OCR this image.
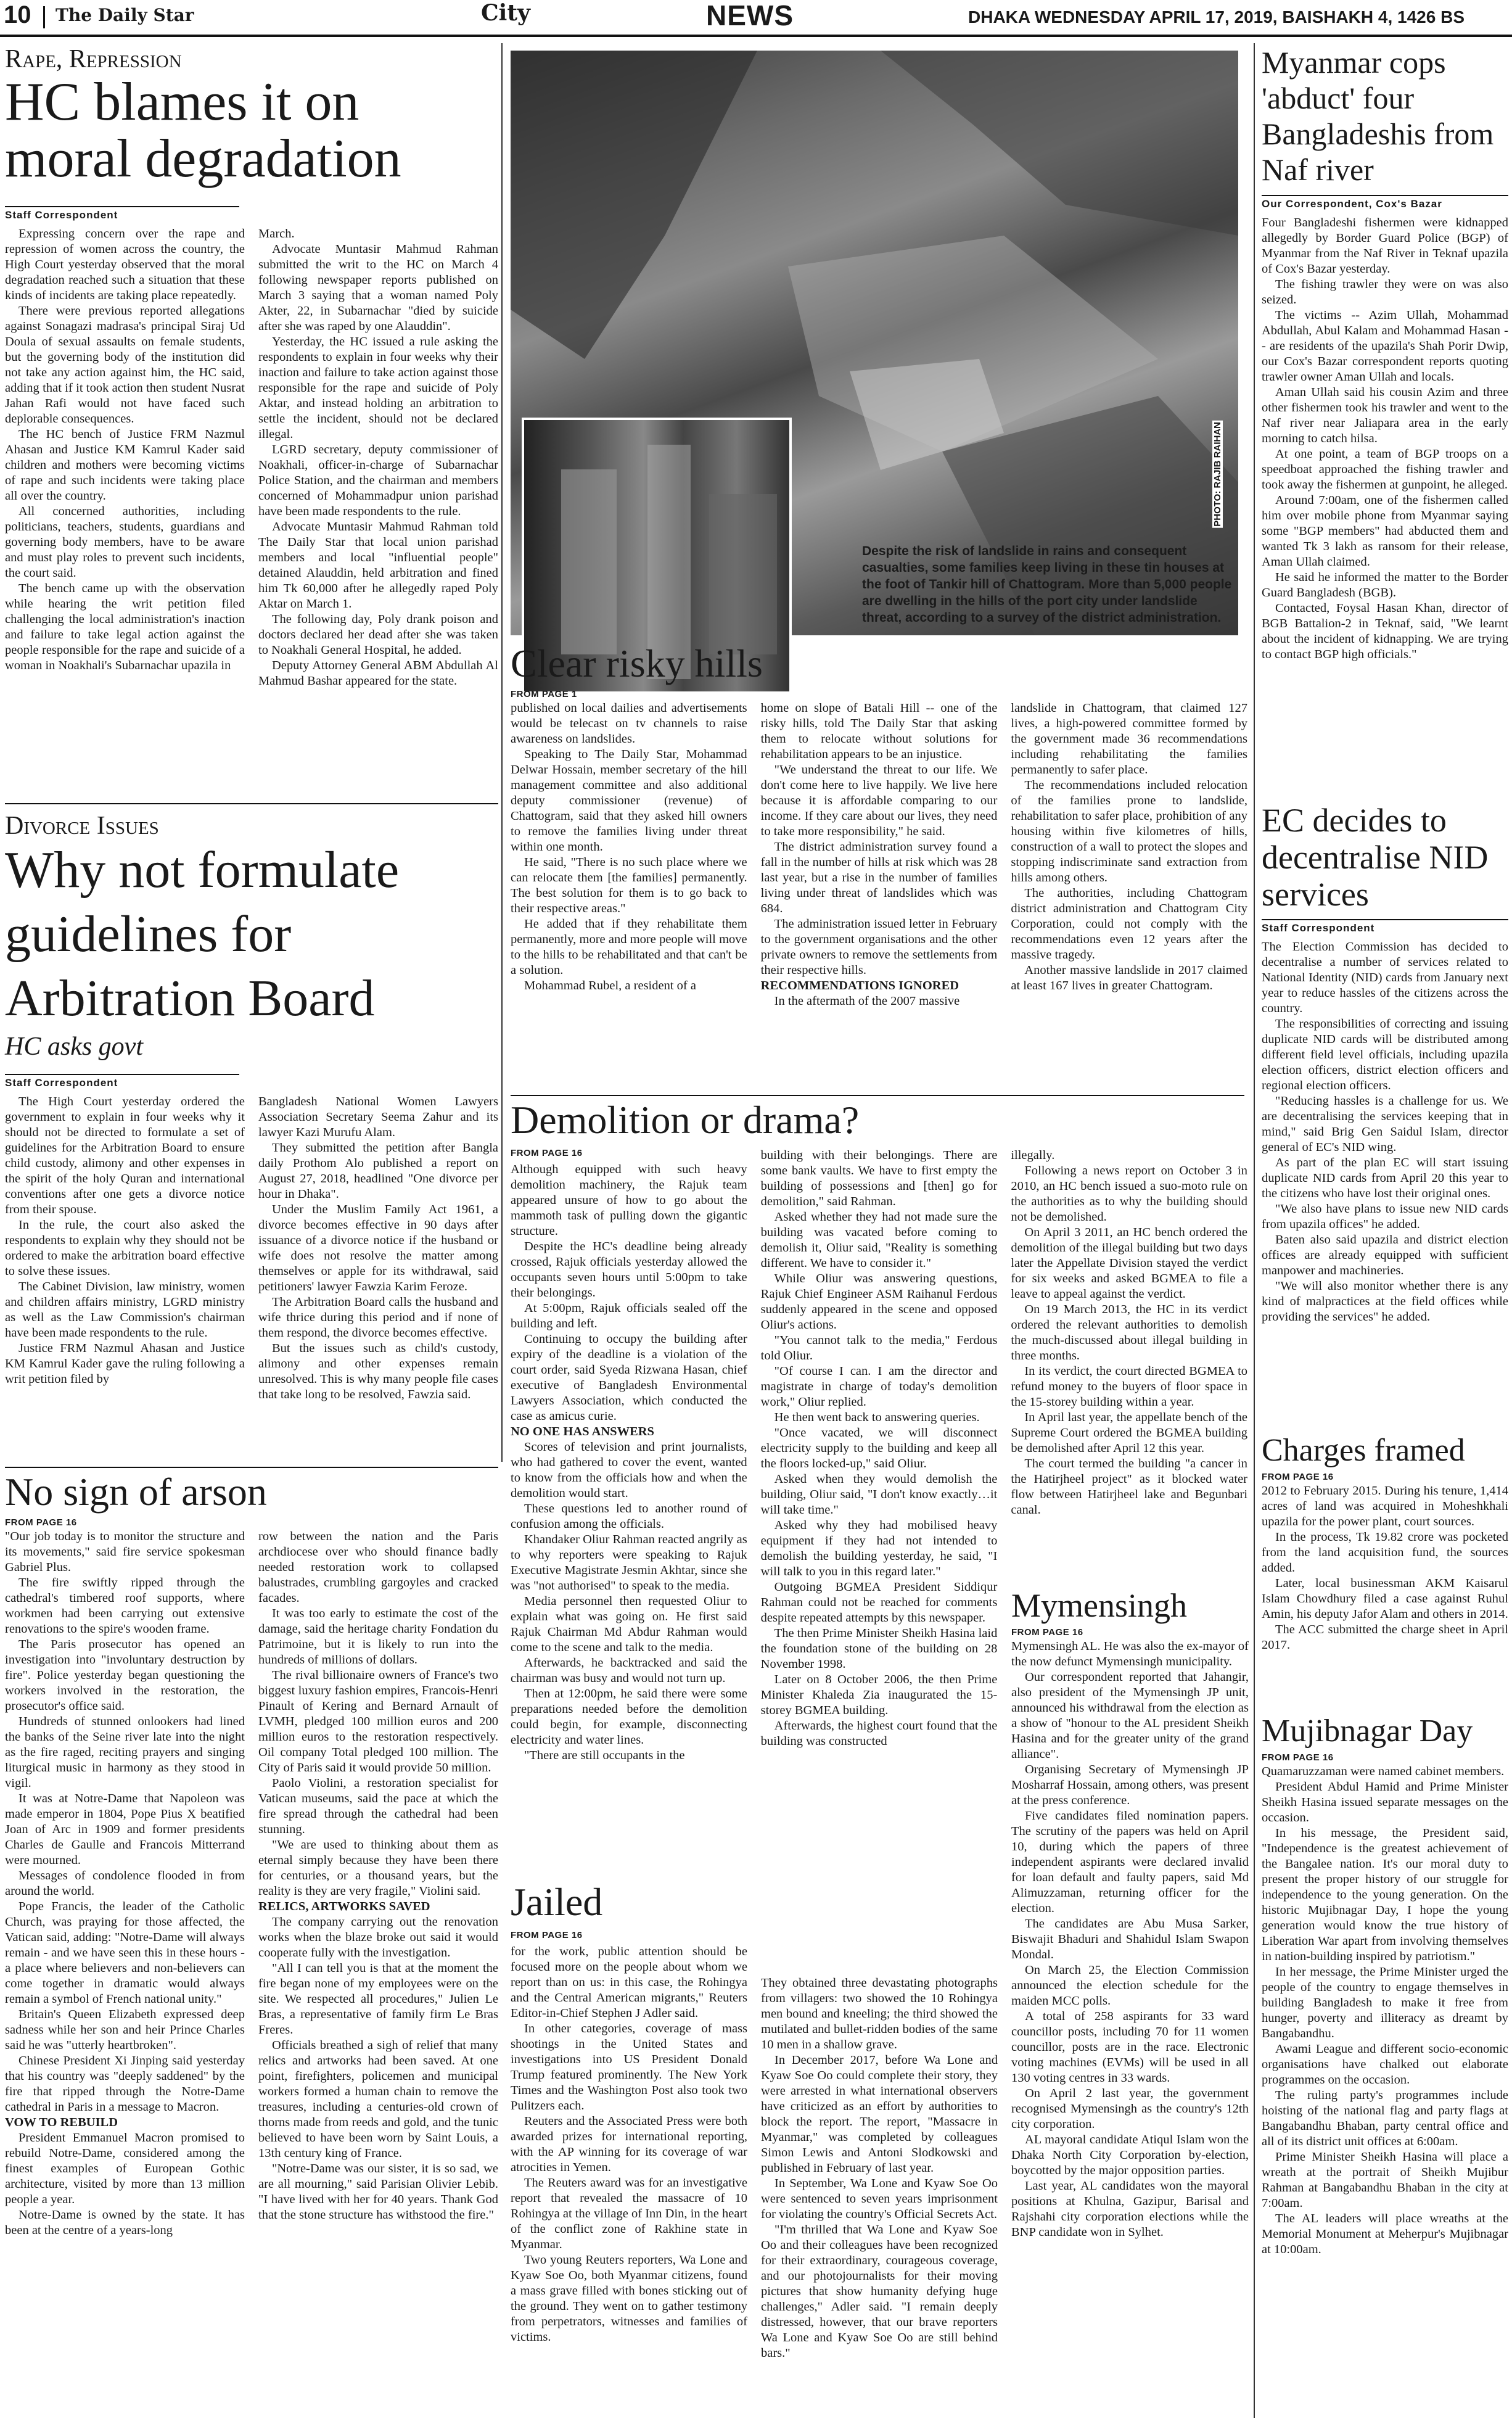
10 The Daily Star	City	NEWS	DHAKA WEDNESDAY APRIL 17, 2019, BAISHAKH 4, 1426 BS
Rape, Repression
HC blames it on moral degradation
Staff Correspondent

Expressing concern over the rape and repression of women across the country, the High Court yesterday observed that the moral degradation reached such a situation that these kinds of incidents are taking place repeatedly.

There were previous reported allegations against Sonagazi madrasa's principal Siraj Ud Doula of sexual assaults on female students, but the governing body of the institution did not take any action against him, the HC said, adding that if it took action then student Nusrat Jahan Rafi would not have faced such deplorable consequences.

The HC bench of Justice FRM Nazmul Ahasan and Justice KM Kamrul Kader said children and mothers were becoming victims of rape and such incidents were taking place all over the country.

All concerned authorities, including politicians, teachers, students, guardians and governing body members, have to be aware and must play roles to prevent such incidents, the court said.

The bench came up with the observation while hearing the writ petition filed challenging the local administration's inaction and failure to take legal action against the people responsible for the rape and suicide of a woman in Noakhali's Subarnachar upazila in

March.

Advocate Muntasir Mahmud Rahman submitted the writ to the HC on March 4 following newspaper reports published on March 3 saying that a woman named Poly Akter, 22, in Subarnachar "died by suicide after she was raped by one Alauddin".

Yesterday, the HC issued a rule asking the respondents to explain in four weeks why their inaction and failure to take action against those responsible for the rape and suicide of Poly Aktar, and instead holding an arbitration to settle the incident, should not be declared illegal.

LGRD secretary, deputy commissioner of Noakhali, officer-in-charge of Subarnachar Police Station, and the chairman and members concerned of Mohammadpur union parishad have been made respondents to the rule.

Advocate Muntasir Mahmud Rahman told The Daily Star that local union parishad members and local "influential people" detained Alauddin, held arbitration and fined him Tk 60,000 after he allegedly raped Poly Aktar on March 1.

The following day, Poly drank poison and doctors declared her dead after she was taken to Noakhali General Hospital, he added.

Deputy Attorney General ABM Abdullah Al Mahmud Bashar appeared for the state.

Divorce Issues
Why not formulate guidelines for Arbitration Board
HC asks govt
Staff Correspondent

The High Court yesterday ordered the government to explain in four weeks why it should not be directed to formulate a set of guidelines for the Arbitration Board to ensure child custody, alimony and other expenses in the spirit of the holy Quran and international conventions after one gets a divorce notice from their spouse.

In the rule, the court also asked the respondents to explain why they should not be ordered to make the arbitration board effective to solve these issues.

The Cabinet Division, law ministry, women and children affairs ministry, LGRD ministry as well as the Law Commission's chairman have been made respondents to the rule.

Justice FRM Nazmul Ahasan and Justice KM Kamrul Kader gave the ruling following a writ petition filed by

Bangladesh National Women Lawyers Association Secretary Seema Zahur and its lawyer Kazi Murufu Alam.

They submitted the petition after Bangla daily Prothom Alo published a report on August 27, 2018, headlined "One divorce per hour in Dhaka".

Under the Muslim Family Act 1961, a divorce becomes effective in 90 days after issuance of a divorce notice if the husband or wife does not resolve the matter among themselves or apple for its withdrawal, said petitioners' lawyer Fawzia Karim Feroze.

The Arbitration Board calls the husband and wife thrice during this period and if none of them respond, the divorce becomes effective.

But the issues such as child's custody, alimony and other expenses remain unresolved. This is why many people file cases that take long to be resolved, Fawzia said.

No sign of arson
FROM PAGE 16

"Our job today is to monitor the structure and its movements," said fire service spokesman Gabriel Plus.

The fire swiftly ripped through the cathedral's timbered roof supports, where workmen had been carrying out extensive renovations to the spire's wooden frame.

The Paris prosecutor has opened an investigation into "involuntary destruction by fire". Police yesterday began questioning the workers involved in the restoration, the prosecutor's office said.

Hundreds of stunned onlookers had lined the banks of the Seine river late into the night as the fire raged, reciting prayers and singing liturgical music in harmony as they stood in vigil.

It was at Notre-Dame that Napoleon was made emperor in 1804, Pope Pius X beatified Joan of Arc in 1909 and former presidents Charles de Gaulle and Francois Mitterrand were mourned.

Messages of condolence flooded in from around the world.

Pope Francis, the leader of the Catholic Church, was praying for those affected, the Vatican said, adding: "Notre-Dame will always remain - and we have seen this in these hours - a place where believers and non-believers can come together in dramatic would always remain a symbol of French national unity."

Britain's Queen Elizabeth expressed deep sadness while her son and heir Prince Charles said he was "utterly heartbroken".

Chinese President Xi Jinping said yesterday that his country was "deeply saddened" by the fire that ripped through the Notre-Dame cathedral in Paris in a message to Macron.

VOW TO REBUILD

President Emmanuel Macron promised to rebuild Notre-Dame, considered among the finest examples of European Gothic architecture, visited by more than 13 million people a year.

Notre-Dame is owned by the state. It has been at the centre of a years-long

row between the nation and the Paris archdiocese over who should finance badly needed restoration work to collapsed balustrades, crumbling gargoyles and cracked facades.

It was too early to estimate the cost of the damage, said the heritage charity Fondation du Patrimoine, but it is likely to run into the hundreds of millions of dollars.

The rival billionaire owners of France's two biggest luxury fashion empires, Francois-Henri Pinault of Kering and Bernard Arnault of LVMH, pledged 100 million euros and 200 million euros to the restoration respectively. Oil company Total pledged 100 million. The City of Paris said it would provide 50 million.

Paolo Violini, a restoration specialist for Vatican museums, said the pace at which the fire spread through the cathedral had been stunning.

"We are used to thinking about them as eternal simply because they have been there for centuries, or a thousand years, but the reality is they are very fragile," Violini said.

RELICS, ARTWORKS SAVED

The company carrying out the renovation works when the blaze broke out said it would cooperate fully with the investigation.

"All I can tell you is that at the moment the fire began none of my employees were on the site. We respected all procedures," Julien Le Bras, a representative of family firm Le Bras Freres.

Officials breathed a sigh of relief that many relics and artworks had been saved. At one point, firefighters, policemen and municipal workers formed a human chain to remove the treasures, including a centuries-old crown of thorns made from reeds and gold, and the tunic believed to have been worn by Saint Louis, a 13th century king of France.

"Notre-Dame was our sister, it is so sad, we are all mourning," said Parisian Olivier Lebib. "I have lived with her for 40 years. Thank God that the stone structure has withstood the fire."

PHOTO: RAJIB RAIHAN
Despite the risk of landslide in rains and consequent casualties, some families keep living in these tin houses at the foot of Tankir hill of Chattogram. More than 5,000 people are dwelling in the hills of the port city under landslide threat, according to a survey of the district administration.
Clear risky hills
FROM PAGE 1

published on local dailies and advertisements would be telecast on tv channels to raise awareness on landslides.

Speaking to The Daily Star, Mohammad Delwar Hossain, member secretary of the hill management committee and also additional deputy commissioner (revenue) of Chattogram, said that they asked hill owners to remove the families living under threat within one month.

He said, "There is no such place where we can relocate them [the families] permanently. The best solution for them is to go back to their respective areas."

He added that if they rehabilitate them permanently, more and more people will move to the hills to be rehabilitated and that can't be a solution.

Mohammad Rubel, a resident of a

home on slope of Batali Hill -- one of the risky hills, told The Daily Star that asking them to relocate without solutions for rehabilitation appears to be an injustice.

"We understand the threat to our life. We don't come here to live happily. We live here because it is affordable comparing to our income. If they care about our lives, they need to take more responsibility," he said.

The district administration survey found a fall in the number of hills at risk which was 28 last year, but a rise in the number of families living under threat of landslides which was 684.

The administration issued letter in February to the government organisations and the other private owners to remove the settlements from their respective hills.

RECOMMENDATIONS IGNORED

In the aftermath of the 2007 massive

landslide in Chattogram, that claimed 127 lives, a high-powered committee formed by the government made 36 recommendations including rehabilitating the families permanently to safer place.

The recommendations included relocation of the families prone to landslide, rehabilitation to safer place, prohibition of any housing within five kilometres of hills, construction of a wall to protect the slopes and stopping indiscriminate sand extraction from hills among others.

The authorities, including Chattogram district administration and Chattogram City Corporation, could not comply with the recommendations even 12 years after the massive tragedy.

Another massive landslide in 2017 claimed at least 167 lives in greater Chattogram.

Demolition or drama?
FROM PAGE 16

Although equipped with such heavy demolition machinery, the Rajuk team appeared unsure of how to go about the mammoth task of pulling down the gigantic structure.

Despite the HC's deadline being already crossed, Rajuk officials yesterday allowed the occupants seven hours until 5:00pm to take their belongings.

At 5:00pm, Rajuk officials sealed off the building and left.

Continuing to occupy the building after expiry of the deadline is a violation of the court order, said Syeda Rizwana Hasan, chief executive of Bangladesh Environmental Lawyers Association, which conducted the case as amicus curie.

NO ONE HAS ANSWERS

Scores of television and print journalists, who had gathered to cover the event, wanted to know from the officials how and when the demolition would start.

These questions led to another round of confusion among the officials.

Khandaker Oliur Rahman reacted angrily as to why reporters were speaking to Rajuk Executive Magistrate Jesmin Akhtar, since she was "not authorised" to speak to the media.

Media personnel then requested Oliur to explain what was going on. He first said Rajuk Chairman Md Abdur Rahman would come to the scene and talk to the media.

Afterwards, he backtracked and said the chairman was busy and would not turn up.

Then at 12:00pm, he said there were some preparations needed before the demolition could begin, for example, disconnecting electricity and water lines.

"There are still occupants in the

building with their belongings. There are some bank vaults. We have to first empty the building of possessions and [then] go for demolition," said Rahman.

Asked whether they had not made sure the building was vacated before coming to demolish it, Oliur said, "Reality is something different. We have to consider it."

While Oliur was answering questions, Rajuk Chief Engineer ASM Raihanul Ferdous suddenly appeared in the scene and opposed Oliur's actions.

"You cannot talk to the media," Ferdous told Oliur.

"Of course I can. I am the director and magistrate in charge of today's demolition work," Oliur replied.

He then went back to answering queries.

"Once vacated, we will disconnect electricity supply to the building and keep all the floors locked-up," said Oliur.

Asked when they would demolish the building, Oliur said, "I don't know exactly…it will take time."

Asked why they had mobilised heavy equipment if they had not intended to demolish the building yesterday, he said, "I will talk to you in this regard later."

Outgoing BGMEA President Siddiqur Rahman could not be reached for comments despite repeated attempts by this newspaper.

The then Prime Minister Sheikh Hasina laid the foundation stone of the building on 28 November 1998.

Later on 8 October 2006, the then Prime Minister Khaleda Zia inaugurated the 15-storey BGMEA building.

Afterwards, the highest court found that the building was constructed

illegally.

Following a news report on October 3 in 2010, an HC bench issued a suo-moto rule on the authorities as to why the building should not be demolished.

On April 3 2011, an HC bench ordered the demolition of the illegal building but two days later the Appellate Division stayed the verdict for six weeks and asked BGMEA to file a leave to appeal against the verdict.

On 19 March 2013, the HC in its verdict ordered the relevant authorities to demolish the much-discussed about illegal building in three months.

In its verdict, the court directed BGMEA to refund money to the buyers of floor space in the 15-storey building within a year.

In April last year, the appellate bench of the Supreme Court ordered the BGMEA building be demolished after April 12 this year.

The court termed the building "a cancer in the Hatirjheel project" as it blocked water flow between Hatirjheel lake and Begunbari canal.

Jailed
FROM PAGE 16

for the work, public attention should be focused more on the people about whom we report than on us: in this case, the Rohingya and the Central American migrants," Reuters Editor-in-Chief Stephen J Adler said.

In other categories, coverage of mass shootings in the United States and investigations into US President Donald Trump featured prominently. The New York Times and the Washington Post also took two Pulitzers each.

Reuters and the Associated Press were both awarded prizes for international reporting, with the AP winning for its coverage of war atrocities in Yemen.

The Reuters award was for an investigative report that revealed the massacre of 10 Rohingya at the village of Inn Din, in the heart of the conflict zone of Rakhine state in Myanmar.

Two young Reuters reporters, Wa Lone and Kyaw Soe Oo, both Myanmar citizens, found a mass grave filled with bones sticking out of the ground. They went on to gather testimony from perpetrators, witnesses and families of victims.

They obtained three devastating photographs from villagers: two showed the 10 Rohingya men bound and kneeling; the third showed the mutilated and bullet-ridden bodies of the same 10 men in a shallow grave.

In December 2017, before Wa Lone and Kyaw Soe Oo could complete their story, they were arrested in what international observers have criticized as an effort by authorities to block the report. The report, "Massacre in Myanmar," was completed by colleagues Simon Lewis and Antoni Slodkowski and published in February of last year.

In September, Wa Lone and Kyaw Soe Oo were sentenced to seven years imprisonment for violating the country's Official Secrets Act.

"I'm thrilled that Wa Lone and Kyaw Soe Oo and their colleagues have been recognized for their extraordinary, courageous coverage, and our photojournalists for their moving pictures that show humanity defying huge challenges," Adler said. "I remain deeply distressed, however, that our brave reporters Wa Lone and Kyaw Soe Oo are still behind bars."

Mymensingh
FROM PAGE 16

Mymensingh AL. He was also the ex-mayor of the now defunct Mymensingh municipality.

Our correspondent reported that Jahangir, also president of the Mymensingh JP unit, announced his withdrawal from the election as a show of "honour to the AL president Sheikh Hasina and for the greater unity of the grand alliance".

Organising Secretary of Mymensingh JP Mosharraf Hossain, among others, was present at the press conference.

Five candidates filed nomination papers. The scrutiny of the papers was held on April 10, during which the papers of three independent aspirants were declared invalid for loan default and faulty papers, said Md Alimuzzaman, returning officer for the election.

The candidates are Abu Musa Sarker, Biswajit Bhaduri and Shahidul Islam Swapon Mondal.

On March 25, the Election Commission announced the election schedule for the maiden MCC polls.

A total of 258 aspirants for 33 ward councillor posts, including 70 for 11 women councillor, posts are in the race. Electronic voting machines (EVMs) will be used in all 130 voting centres in 33 wards.

On April 2 last year, the government recognised Mymensingh as the country's 12th city corporation.

AL mayoral candidate Atiqul Islam won the Dhaka North City Corporation by-election, boycotted by the major opposition parties.

Last year, AL candidates won the mayoral positions at Khulna, Gazipur, Barisal and Rajshahi city corporation elections while the BNP candidate won in Sylhet.

Myanmar cops 'abduct' four Bangladeshis from Naf river
Our Correspondent, Cox's Bazar

Four Bangladeshi fishermen were kidnapped allegedly by Border Guard Police (BGP) of Myanmar from the Naf River in Teknaf upazila of Cox's Bazar yesterday.

The fishing trawler they were on was also seized.

The victims -- Azim Ullah, Mohammad Abdullah, Abul Kalam and Mohammad Hasan -- are residents of the upazila's Shah Porir Dwip, our Cox's Bazar correspondent reports quoting trawler owner Aman Ullah and locals.

Aman Ullah said his cousin Azim and three other fishermen took his trawler and went to the Naf river near Jaliapara area in the early morning to catch hilsa.

At one point, a team of BGP troops on a speedboat approached the fishing trawler and took away the fishermen at gunpoint, he alleged.

Around 7:00am, one of the fishermen called him over mobile phone from Myanmar saying some "BGP members" had abducted them and wanted Tk 3 lakh as ransom for their release, Aman Ullah claimed.

He said he informed the matter to the Border Guard Bangladesh (BGB).

Contacted, Foysal Hasan Khan, director of BGB Battalion-2 in Teknaf, said, "We learnt about the incident of kidnapping. We are trying to contact BGP high officials."

EC decides to decentralise NID services
Staff Correspondent

The Election Commission has decided to decentralise a number of services related to National Identity (NID) cards from January next year to reduce hassles of the citizens across the country.

The responsibilities of correcting and issuing duplicate NID cards will be distributed among different field level officials, including upazila election officers, district election officers and regional election officers.

"Reducing hassles is a challenge for us. We are decentralising the services keeping that in mind," said Brig Gen Saidul Islam, director general of EC's NID wing.

As part of the plan EC will start issuing duplicate NID cards from April 20 this year to the citizens who have lost their original ones.

"We also have plans to issue new NID cards from upazila offices" he added.

Baten also said upazila and district election offices are already equipped with sufficient manpower and machineries.

"We will also monitor whether there is any kind of malpractices at the field offices while providing the services" he added.

Charges framed
FROM PAGE 16

2012 to February 2015. During his tenure, 1,414 acres of land was acquired in Moheshkhali upazila for the power plant, court sources.

In the process, Tk 19.82 crore was pocketed from the land acquisition fund, the sources added.

Later, local businessman AKM Kaisarul Islam Chowdhury filed a case against Ruhul Amin, his deputy Jafor Alam and others in 2014.

The ACC submitted the charge sheet in April 2017.

Mujibnagar Day
FROM PAGE 16

Quamaruzzaman were named cabinet members.

President Abdul Hamid and Prime Minister Sheikh Hasina issued separate messages on the occasion.

In his message, the President said, "Independence is the greatest achievement of the Bangalee nation. It's our moral duty to present the proper history of our struggle for independence to the young generation. On the historic Mujibnagar Day, I hope the young generation would know the true history of Liberation War apart from involving themselves in nation-building inspired by patriotism."

In her message, the Prime Minister urged the people of the country to engage themselves in building Bangladesh to make it free from hunger, poverty and illiteracy as dreamt by Bangabandhu.

Awami League and different socio-economic organisations have chalked out elaborate programmes on the occasion.

The ruling party's programmes include hoisting of the national flag and party flags at Bangabandhu Bhaban, party central office and all of its district unit offices at 6:00am.

Prime Minister Sheikh Hasina will place a wreath at the portrait of Sheikh Mujibur Rahman at Bangabandhu Bhaban in the city at 7:00am.

The AL leaders will place wreaths at the Memorial Monument at Meherpur's Mujibnagar at 10:00am.
